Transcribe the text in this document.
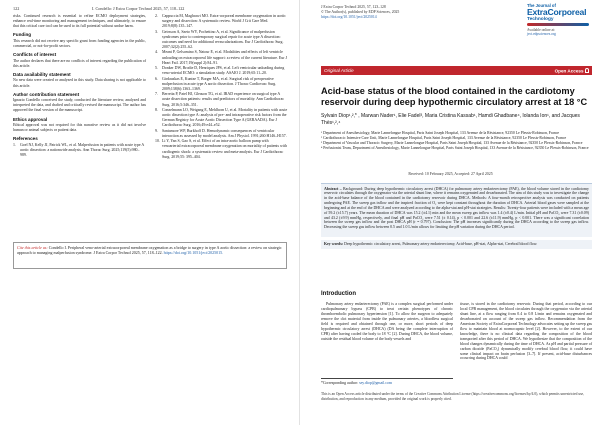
122	I. Condello: J Extra Corpor Technol 2025, 57, 118–122

risks. Continued research is essential to refine ECMO deployment strategies, enhance real-time monitoring and management techniques, and ultimately, to ensure that this critical care tool can be used to its full potential without undue harm.

Funding

This research did not receive any specific grant from funding agencies in the public, commercial, or not-for-profit sectors.

Conflicts of interest

The author declares that there are no conflicts of interest regarding the publication of this article.

Data availability statement

No new data were created or analyzed in this study. Data sharing is not applicable to this article.

Author contribution statement

Ignazio Condello conceived the study, conducted the literature review, analyzed and interpreted the data, and drafted and critically revised the manuscript. The author has approved the final version of the manuscript.

Ethics approval

Ethical approval was not required for this narrative review as it did not involve human or animal subjects or patient data.

References
1.	Goel NJ, Kelly JJ, Patrick WL, et al. Malperfusion in patients with acute type A aortic dissection: a nationwide analysis. Ann Thorac Surg. 2025;119(5):980–989.
2.	Cappuccia M, Maghrawi MO. Extra-corporeal membrane oxygenation in aortic surgery and dissection: A systematic review. World J Crit Care Med. 2019;8(8):135–147.
3.	Geirsson A, Szeto WY, Pochettino A, et al. Significance of malperfusion syndromes prior to contemporary surgical repair for acute type A dissection: outcomes and need for additional revascularizations. Eur J Cardiothorac Surg. 2007;32(2):255–62.
4.	Meani P, Gelsomino S, Natour E, et al. Modalities and effects of left ventricle unloading on extracorporeal life support: a review of the current literature. Eur J Heart Fail. 2017;19(suppl 2):84–91.
5.	Donker DW, Brodie D, Henriques JPS, et al. Left ventricular unloading during veno-arterial ECMO: a simulation study. ASAIO J. 2019;65:11–20.
6.	Girdauskas E, Kuntze T, Borger MA, et al. Surgical risk of preoperative malperfusion in acute type A aortic dissection. J Thorac Cardiovasc Surg. 2009;138(6):1363–1369.
7.	Berretta P, Patel HJ, Gleason TG, et al. IRAD experience on surgical type A acute dissection patients: results and predictors of mortality. Ann Cardiothorac Surg. 2016;5:346–351.
8.	Conzelmann LO, Weigang E, Mehlhorn U, et al. Mortality in patients with acute aortic dissection type A: analysis of pre- and intraoperative risk factors from the German Registry for Acute Aortic Dissection Type A (GERAADA). Eur J Cardiothorac Surg. 2016;49:e44–e52.
9.	Santamore WP, Burkhoff D. Hemodynamic consequences of ventricular interaction as assessed by model analysis. Am J Physiol. 1991;260:H146–H157.
10. Li Y, Yan S, Gao S, et al. Effect of an intra-aortic balloon pump with venoarterial extracorporeal membrane oxygenation on mortality of patients with cardiogenic shock: a systematic review and meta-analysis. Eur J Cardiothorac Surg. 2019;55: 395–404.
Cite this article as: Condello I. Peripheral veno-arterial extracorporeal membrane oxygenation as a bridge to surgery in type A aortic dissection: a review on strategic approach to managing malperfusion syndrome. J Extra Corpor Technol 2025, 57, 118–122. https://doi.org/10.1051/ject/2025015.
J Extra Corpor Technol 2025, 57, 123–128
© The Author(s), published by EDP Sciences, 2025
https://doi.org/10.1051/ject/2025014
The Journal of
ExtraCorporeal
Technology
Available online at:
ject.edpsciences.org
Original Article	Open Access
Acid-base status of the blood contained in the cardiotomy reservoir during deep hypothermic circulatory arrest at 18 °C
Sylvain Diop¹,²,* , Marwan Nader¹, Elie Fadel³, Maria Cristina Kassab¹, Hamdi Ghadbane⁴, Iolanda Ion¹, and Jacques Thès¹,²,⁴
¹ Department of Anesthesiology, Marie Lannelongue Hospital, Paris Saint Joseph Hospital, 133 Avenue de la Résistance, 92350 Le Plessis-Robinson, France
² Cardiothoracic Intensive Care Unit, Marie Lannelongue Hospital, Paris Saint Joseph Hospital, 133 Avenue de la Résistance, 92350 Le Plessis-Robinson, France
³ Department of Vascular and Thoracic Surgery, Marie Lannelongue Hospital, Paris Saint Joseph Hospital, 133 Avenue de la Résistance, 92350 Le Plessis-Robinson, France
⁴ Perfusionist Team, Department of Anesthesiology, Marie Lannelongue Hospital, Paris Saint Joseph Hospital, 133 Avenue de la Résistance, 92350 Le Plessis-Robinson, France
Received: 10 February 2025, Accepted: 27 April 2025
Abstract – Background: During deep hypothermic circulatory arrest (DHCA) for pulmonary artery endarterectomy (PAE), the blood volume stored in the cardiotomy reservoir circulates through the oxygenator via the arterial shunt line, where it remains oxygenated and decarbonated. The aim of this study was to investigate the change in the acid-base balance of the blood contained in the cardiotomy reservoir during DHCA. Methods: A four-month retrospective analysis was conducted on patients undergoing PAE. The sweep gas inflow and the inspired fraction of O₂ were kept constant throughout the duration of DHCA. Arterial blood gases were sampled at the beginning and at the end of the DHCA and were analyzed according to the alpha-stat and pH-stat strategies. Results: Twenty-four patients were included with a mean age of 59.2 (±15.7) years. The mean duration of DHCA was 15.2 (±4.1) min and the mean sweep gas inflow was 1.4 (±0.4) L/min. Initial pH and PaCO₂ were 7.31 (±0.09) and 43.2 (±9.9) mmHg, respectively, and final pH and PaCO₂ were 7.51 (± 0.14), p < 0.001 and 22.6 (±11.9) mmHg, p < 0.001. There was a significant correlation between the sweep gas inflow and the post DHCA pH (r = 0.797). Conclusion: The pH increases significantly during the DHCA according to the sweep gas inflow. Decreasing the sweep gas inflow between 0.5 and 1.0 L/min allows for limiting the pH variation during the DHCA period.
Key words: Deep hypothermic circulatory arrest, Pulmonary artery endarterectomy, Acid-base, pH-stat, Alpha-stat, Cerebral blood flow.
Introduction

Pulmonary artery endarterectomy (PAE) is a complex surgical performed under cardiopulmonary bypass (CPB) to treat certain phenotypes of chronic thromboembolic pulmonary hypertension [1]. To allow the surgeon to adequately remove the clot material from inside the pulmonary arteries, a bloodless surgical field is required and obtained through one, or more, short periods of deep hypothermic circulatory arrest (DHCA) (DA being the complete interruption of CPB) after having cooled the body to 18 °C [2]. During DHCA, the blood volume, outside the residual blood volume of the body vessels and

tissue, is stored in the cardiotomy reservoir. During that period, according to our local CPB management, the blood circulates through the oxygenator via the arterial shunt line, at a flow ranging from 0.4 to 0.8 L/min and remains oxygenated and decarbonated on account of the sweep gas inflow. Recommendation from the American Society of ExtraCorporeal Technology advocates setting up the sweep gas flow to maintain blood at normocapnic level [2]. However, to the extent of our knowledge, there is no clinical data regarding the composition of the blood transported after this period of DHCA. We hypothesize that the composition of the blood changes dynamically during the time of DHCA. As pH and partial pressure of carbon dioxide (PaCO₂) dynamically modify cerebral blood flow, it could have some clinical impact on brain perfusion [3–7]. If present, acid-base disturbances occurring during DHCA could

*Corresponding author: sey.diop@gmail.com
This is an Open Access article distributed under the terms of the Creative Commons Attribution License (https://creativecommons.org/licenses/by/4.0), which permits unrestricted use, distribution, and reproduction in any medium, provided the original work is properly cited.
